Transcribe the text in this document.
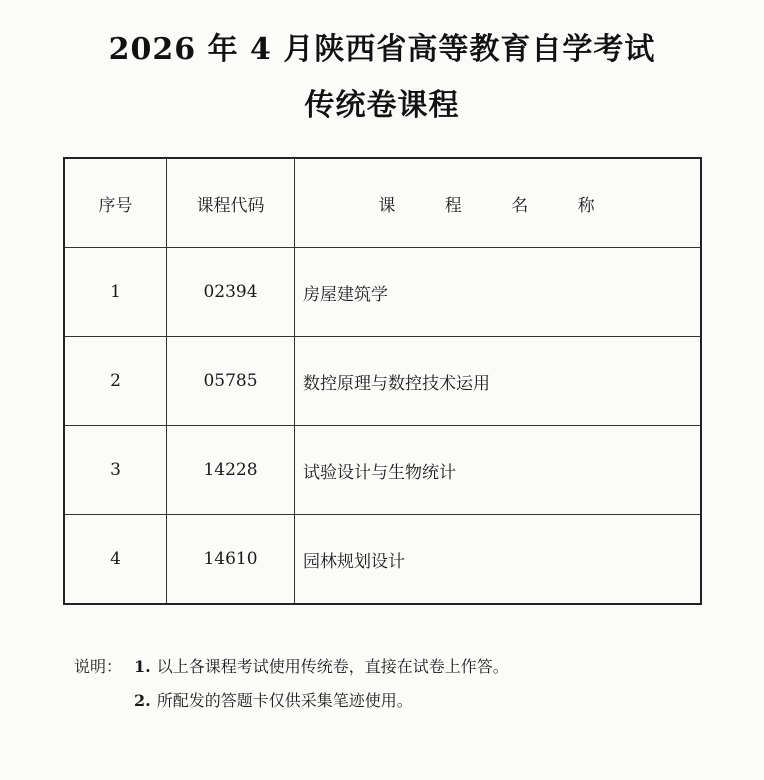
2026 年 4 月陕西省高等教育自学考试
传统卷课程
序号	课程代码	课 程 名 称
1	02394	房屋建筑学
2	05785	数控原理与数控技术运用
3	14228	试验设计与生物统计
4	14610	园林规划设计
说明： 1. 以上各课程考试使用传统卷，直接在试卷上作答。
2. 所配发的答题卡仅供采集笔迹使用。
